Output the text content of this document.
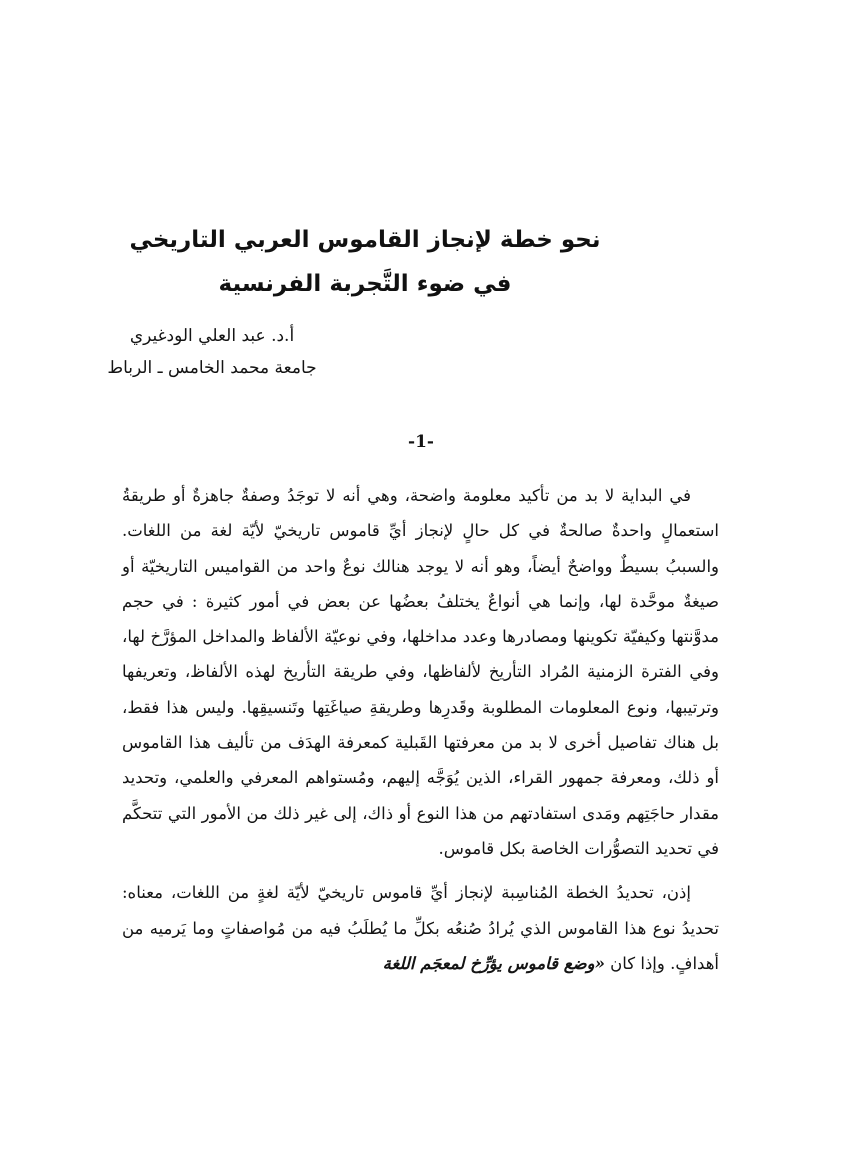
نحو خطة لإنجاز القاموس العربي التاريخي
في ضوء التَّجربة الفرنسية
أ.د. عبد العلي الودغيري
جامعة محمد الخامس ـ الرباط
-1-

في البداية لا بد من تأكيد معلومة واضحة، وهي أنه لا توجَدُ وصفةٌ جاهزةٌ أو طريقةُ استعمالٍ واحدةٌ صالحةٌ في كل حالٍ لإنجاز أيِّ قاموس تاريخيّ لأيّة لغة من اللغات. والسببُ بسيطٌ وواضحٌ أيضاً، وهو أنه لا يوجد هنالك نوعٌ واحد من القواميس التاريخيّة أو صيغةٌ موحَّدة لها، وإنما هي أنواعٌ يختلفُ بعضُها عن بعض في أمور كثيرة : في حجم مدوَّنتها وكيفيّة تكوينها ومصادرها وعدد مداخلها، وفي نوعيّة الألفاظ والمداخل المؤرَّخ لها، وفي الفترة الزمنية المُراد التأريخ لألفاظها، وفي طريقة التأريخ لهذه الألفاظ، وتعريفها وترتيبها، ونوع المعلومات المطلوبة وقَدرِها وطريقةِ صياغَتِها وتَنسيقِها. وليس هذا فقط، بل هناك تفاصيل أخرى لا بد من معرفتها القَبلية كمعرفة الهدَف من تأليف هذا القاموس أو ذلك، ومعرفة جمهور القراء، الذين يُوَجَّه إليهم، ومُستواهم المعرفي والعلمي، وتحديد مقدار حاجَتِهم ومَدى استفادتهم من هذا النوع أو ذاك، إلى غير ذلك من الأمور التي تتحكَّم في تحديد التصوُّرات الخاصة بكل قاموس.

إذن، تحديدُ الخطة المُناسِبة لإنجاز أيِّ قاموس تاريخيّ لأيّة لغةٍ من اللغات، معناه: تحديدُ نوع هذا القاموس الذي يُرادُ صُنعُه بكلِّ ما يُطلَبُ فيه من مُواصفاتٍ وما يَرميه من أهدافٍ. وإذا كان «وضع قاموس يؤرِّخ لمعجَم اللغة
